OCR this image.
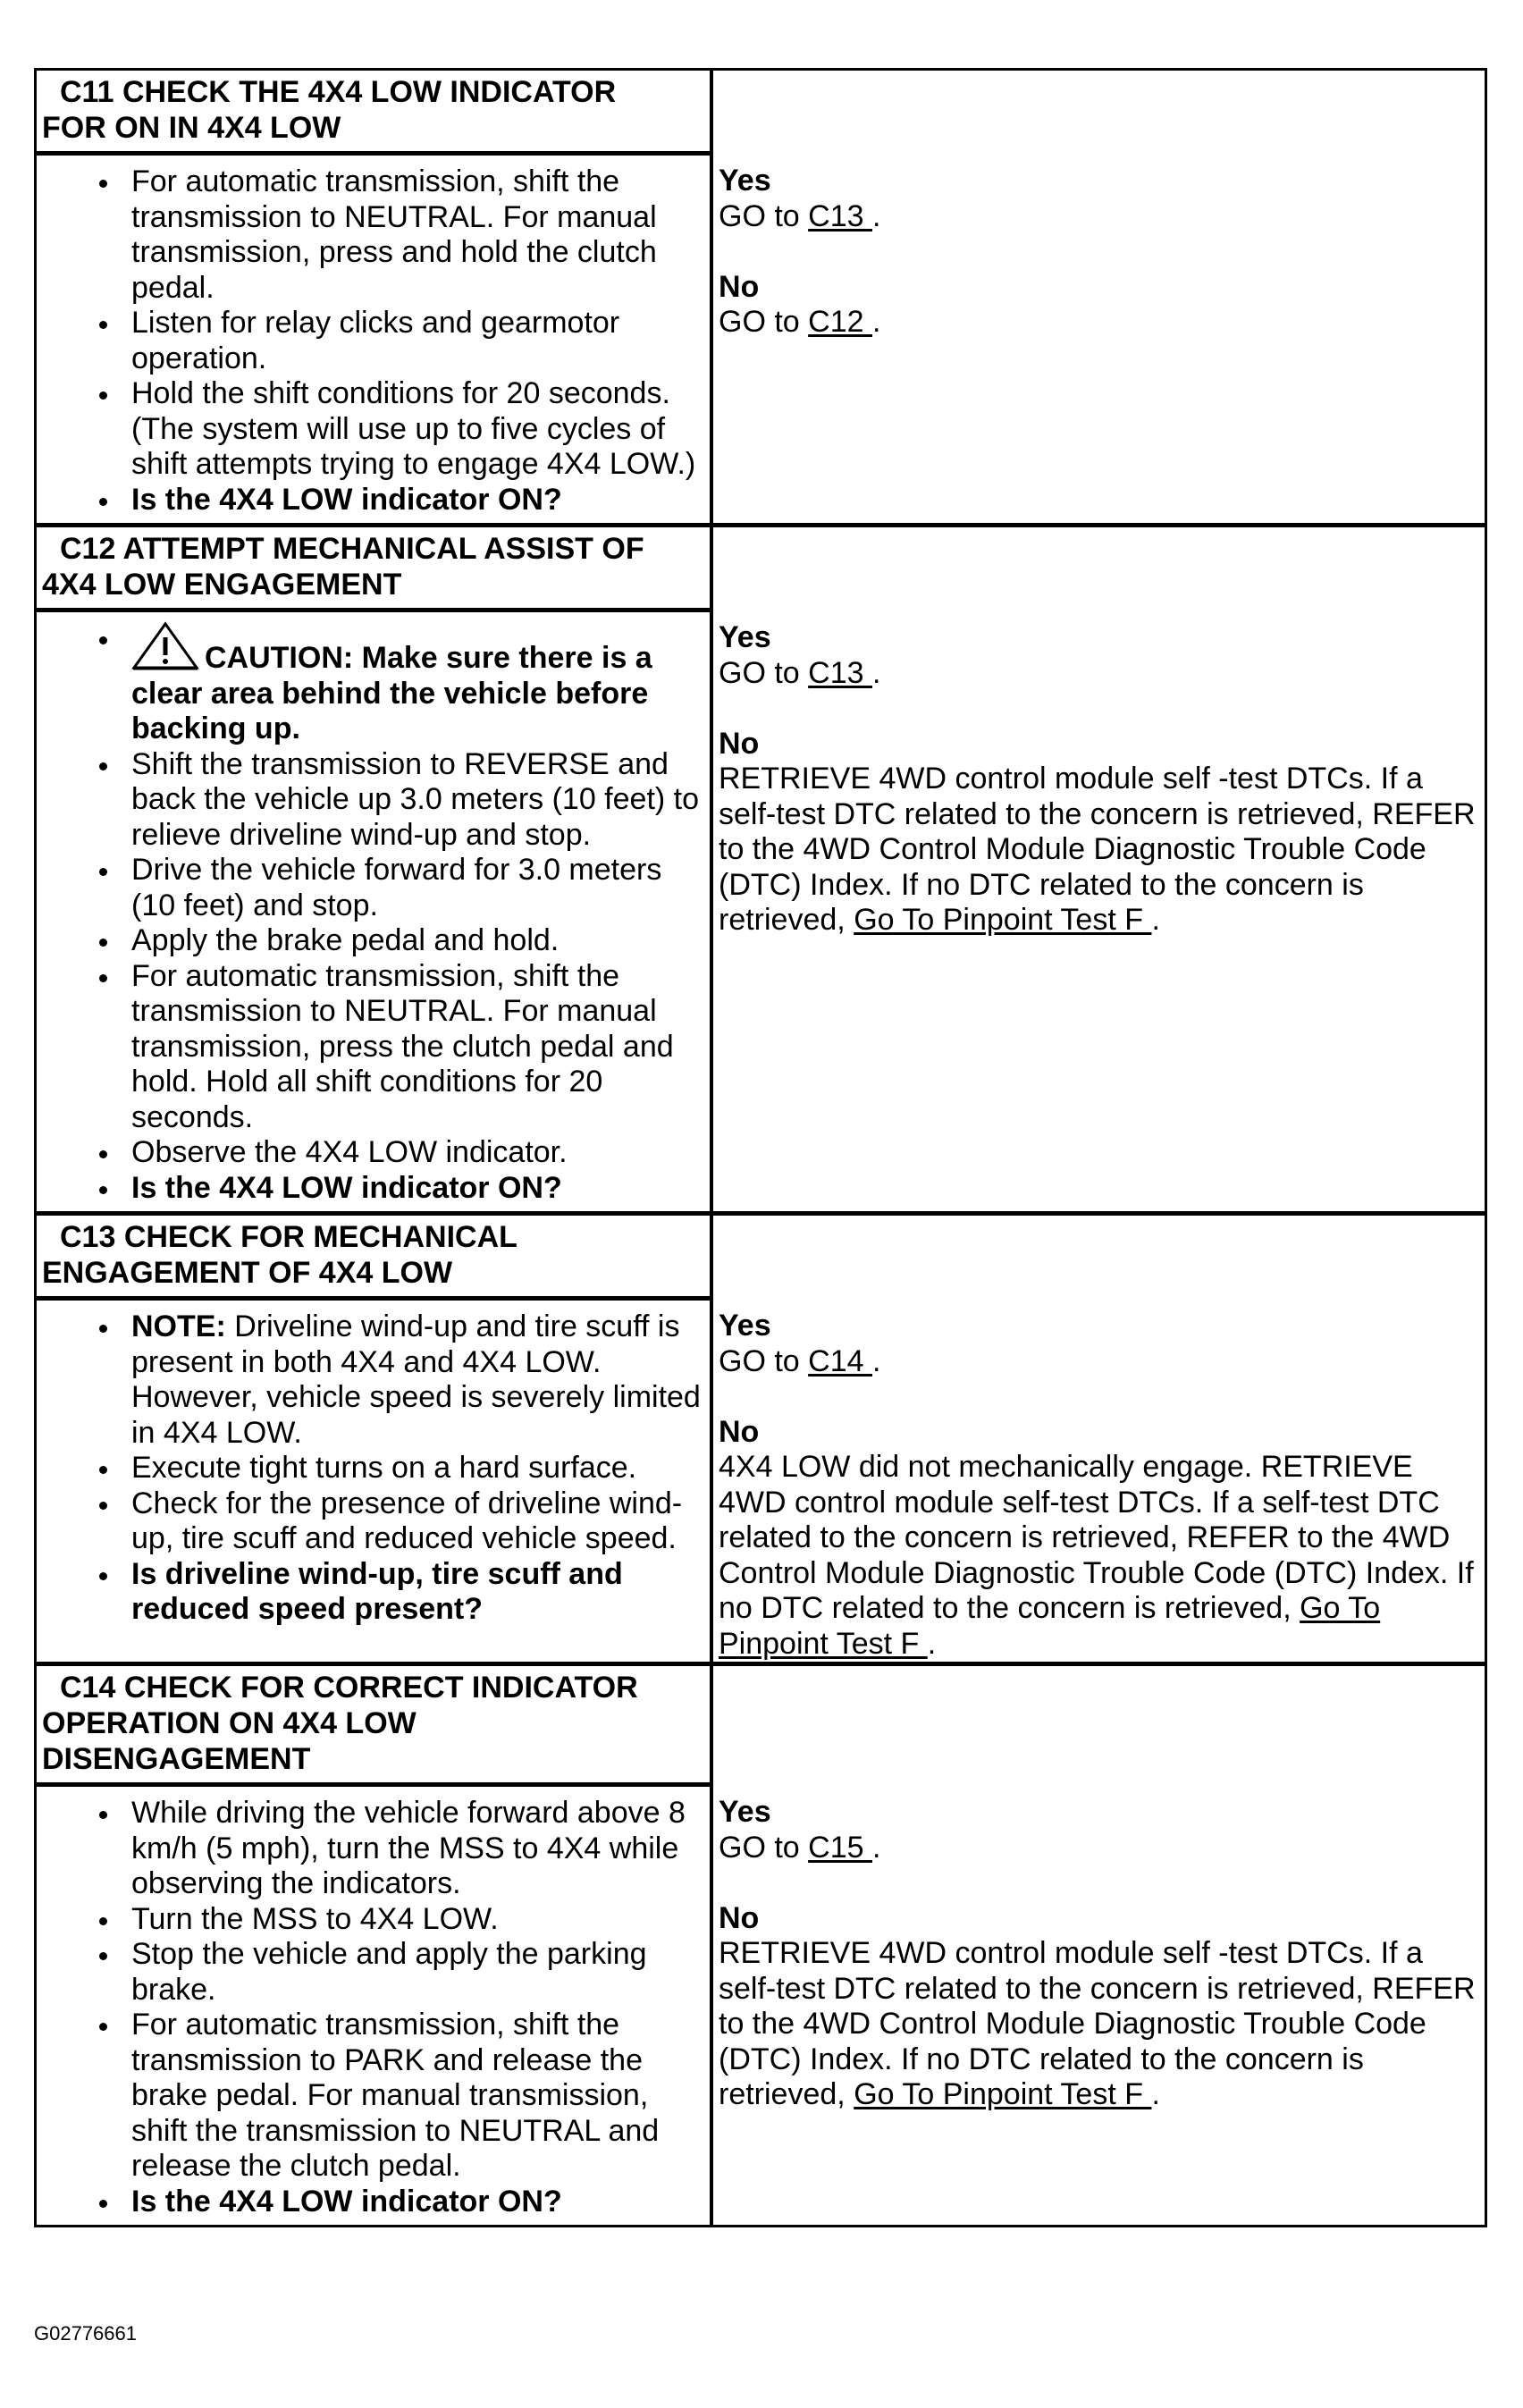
C11 CHECK THE 4X4 LOW INDICATOR
FOR ON IN 4X4 LOW
For automatic transmission, shift the transmission to NEUTRAL. For manual transmission, press and hold the clutch pedal.
Listen for relay clicks and gearmotor operation.
Hold the shift conditions for 20 seconds. (The system will use up to five cycles of shift attempts trying to engage 4X4 LOW.)
Is the 4X4 LOW indicator ON?
Yes
GO to C13 .
No
GO to C12 .
C12 ATTEMPT MECHANICAL ASSIST OF
4X4 LOW ENGAGEMENT
CAUTION: Make sure there is a clear area behind the vehicle before backing up.
Shift the transmission to REVERSE and back the vehicle up 3.0 meters (10 feet) to relieve driveline wind-up and stop.
Drive the vehicle forward for 3.0 meters (10 feet) and stop.
Apply the brake pedal and hold.
For automatic transmission, shift the transmission to NEUTRAL. For manual transmission, press the clutch pedal and hold. Hold all shift conditions for 20 seconds.
Observe the 4X4 LOW indicator.
Is the 4X4 LOW indicator ON?
Yes
GO to C13 .
No
RETRIEVE 4WD control module self -test DTCs. If a self-test DTC related to the concern is retrieved, REFER to the 4WD Control Module Diagnostic Trouble Code (DTC) Index. If no DTC related to the concern is retrieved, Go To Pinpoint Test F .
C13 CHECK FOR MECHANICAL
ENGAGEMENT OF 4X4 LOW
NOTE: Driveline wind-up and tire scuff is present in both 4X4 and 4X4 LOW. However, vehicle speed is severely limited in 4X4 LOW.
Execute tight turns on a hard surface.
Check for the presence of driveline wind-up, tire scuff and reduced vehicle speed.
Is driveline wind-up, tire scuff and reduced speed present?
Yes
GO to C14 .
No
4X4 LOW did not mechanically engage. RETRIEVE 4WD control module self-test DTCs. If a self-test DTC related to the concern is retrieved, REFER to the 4WD Control Module Diagnostic Trouble Code (DTC) Index. If no DTC related to the concern is retrieved, Go To Pinpoint Test F .
C14 CHECK FOR CORRECT INDICATOR
OPERATION ON 4X4 LOW
DISENGAGEMENT
While driving the vehicle forward above 8 km/h (5 mph), turn the MSS to 4X4 while observing the indicators.
Turn the MSS to 4X4 LOW.
Stop the vehicle and apply the parking brake.
For automatic transmission, shift the transmission to PARK and release the brake pedal. For manual transmission, shift the transmission to NEUTRAL and release the clutch pedal.
Is the 4X4 LOW indicator ON?
Yes
GO to C15 .
No
RETRIEVE 4WD control module self -test DTCs. If a self-test DTC related to the concern is retrieved, REFER to the 4WD Control Module Diagnostic Trouble Code (DTC) Index. If no DTC related to the concern is retrieved, Go To Pinpoint Test F .
G02776661
